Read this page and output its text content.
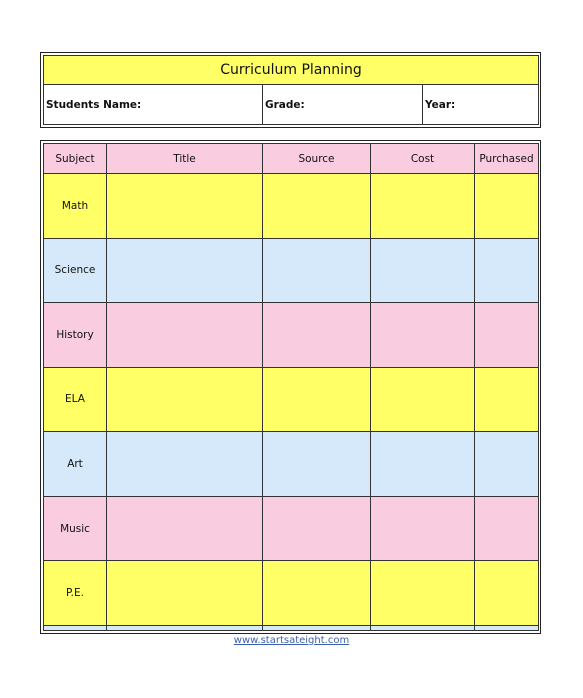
Curriculum Planning
Students Name:	Grade:	Year:
Subject	Title	Source	Cost	Purchased
Math				
Science				
History				
ELA				
Art				
Music				
P.E.				

www.startsateight.com
